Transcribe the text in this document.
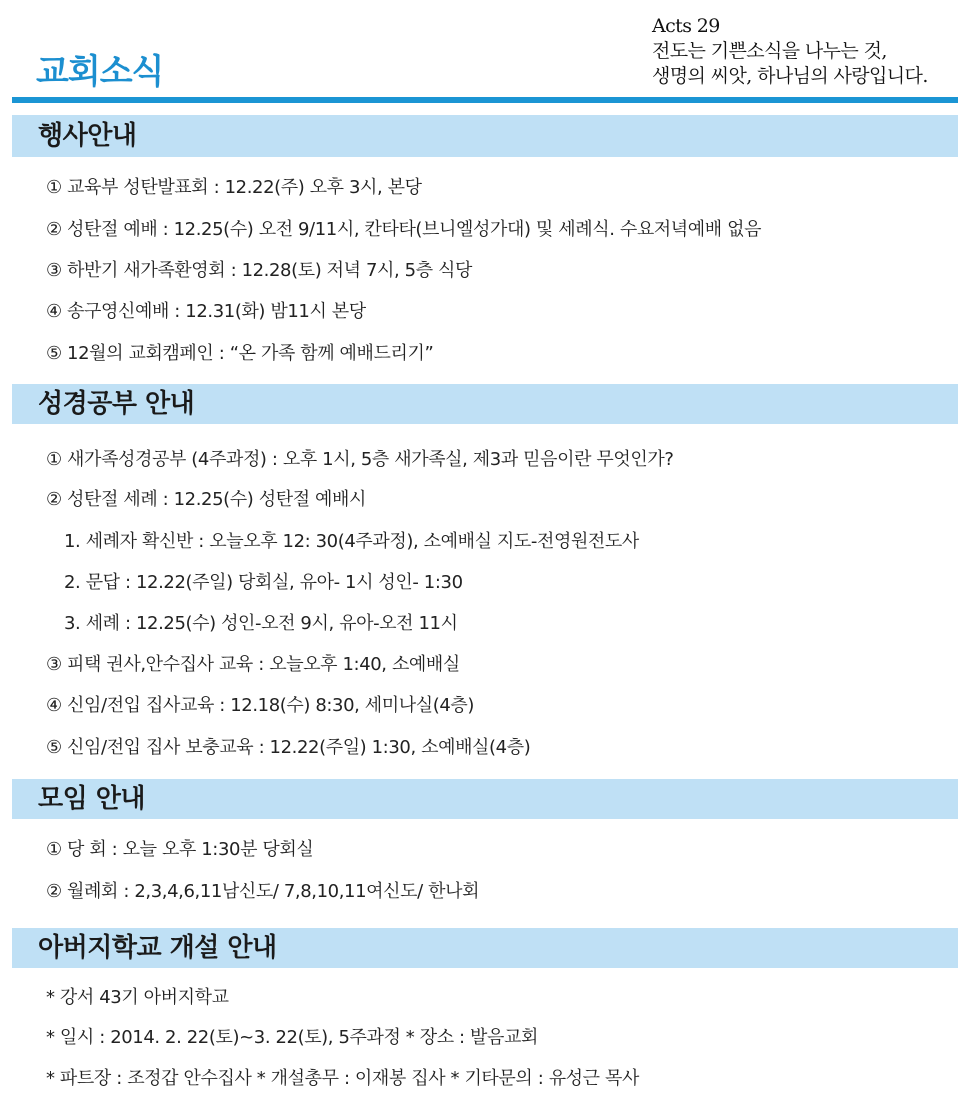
교회소식
Acts 29
전도는 기쁜소식을 나누는 것,
생명의 씨앗, 하나님의 사랑입니다.
행사안내
① 교육부 성탄발표회 : 12.22(주) 오후 3시, 본당
② 성탄절 예배 : 12.25(수) 오전 9/11시, 칸타타(브니엘성가대) 및 세례식. 수요저녁예배 없음
③ 하반기 새가족환영회 : 12.28(토) 저녁 7시, 5층 식당
④ 송구영신예배 : 12.31(화) 밤11시 본당
⑤ 12월의 교회캠페인 : “온 가족 함께 예배드리기”
성경공부 안내
① 새가족성경공부 (4주과정) : 오후 1시, 5층 새가족실, 제3과 믿음이란 무엇인가?
② 성탄절 세례 : 12.25(수) 성탄절 예배시
1. 세례자 확신반 : 오늘오후 12: 30(4주과정), 소예배실 지도-전영원전도사
2. 문답 : 12.22(주일) 당회실, 유아- 1시 성인- 1:30
3. 세례 : 12.25(수) 성인-오전 9시, 유아-오전 11시
③ 피택 권사,안수집사 교육 : 오늘오후 1:40, 소예배실
④ 신임/전입 집사교육 : 12.18(수) 8:30, 세미나실(4층)
⑤ 신임/전입 집사 보충교육 : 12.22(주일) 1:30, 소예배실(4층)
모임 안내
① 당 회 : 오늘 오후 1:30분 당회실
② 월례회 : 2,3,4,6,11남신도/ 7,8,10,11여신도/ 한나회
아버지학교 개설 안내
* 강서 43기 아버지학교
* 일시 : 2014. 2. 22(토)~3. 22(토), 5주과정 * 장소 : 발음교회
* 파트장 : 조정갑 안수집사 * 개설총무 : 이재봉 집사 * 기타문의 : 유성근 목사
